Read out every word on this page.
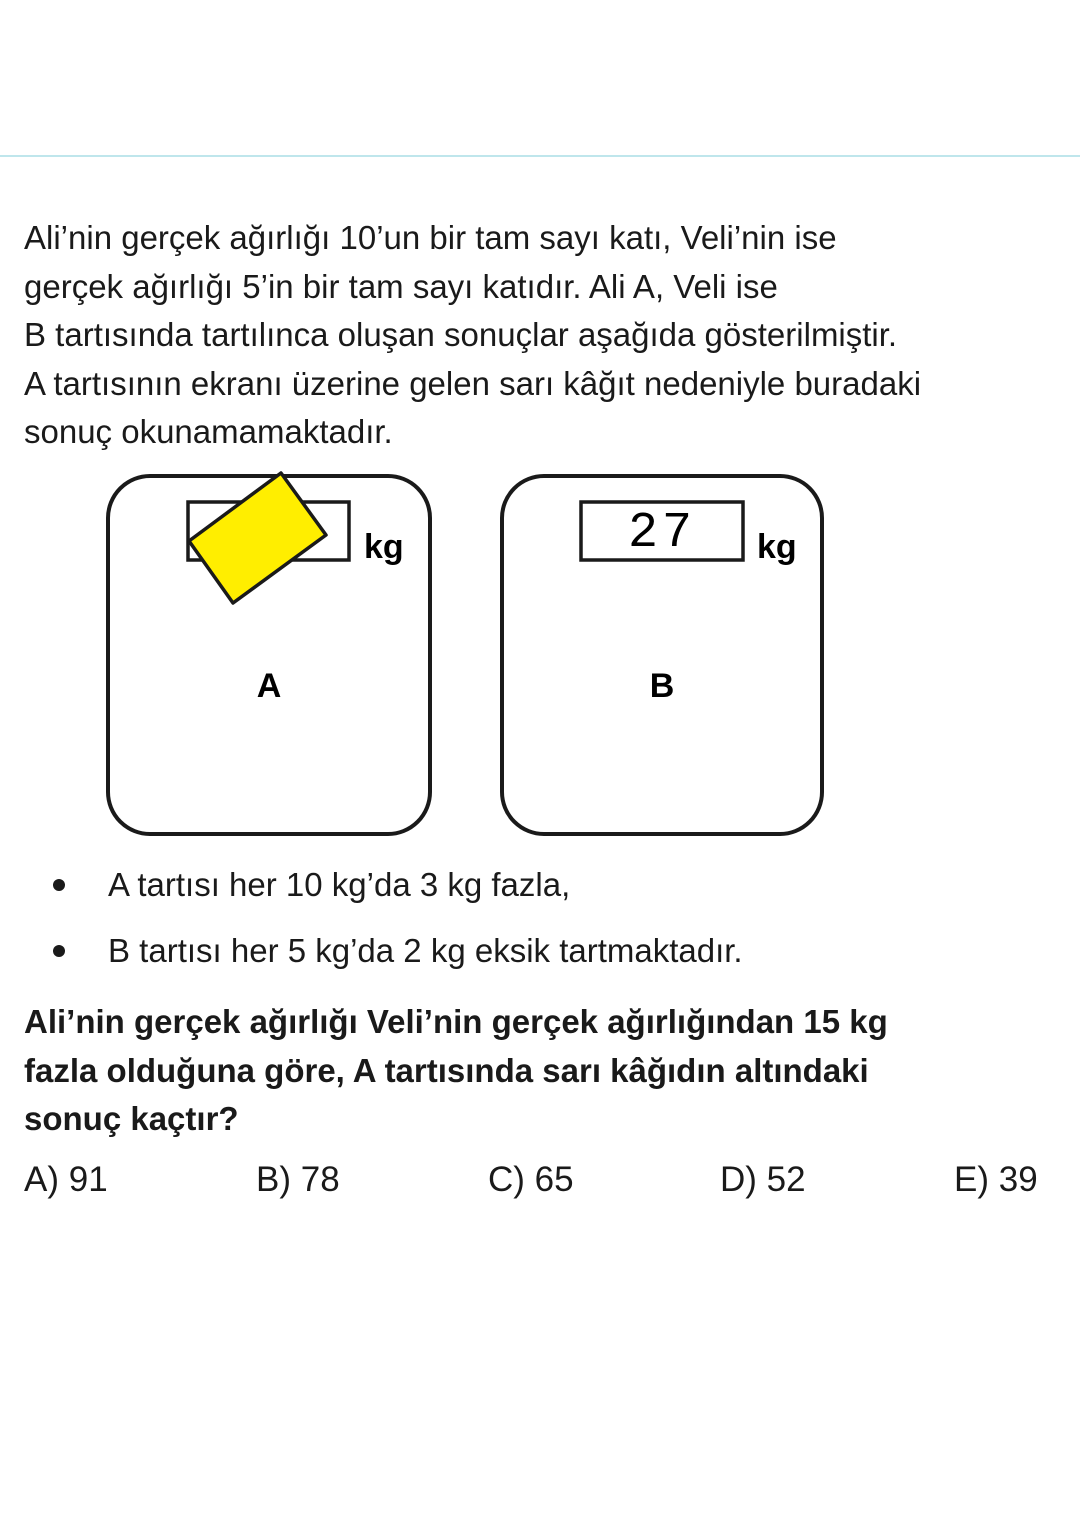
Ali’nin gerçek ağırlığı 10’un bir tam sayı katı, Veli’nin ise
gerçek ağırlığı 5’in bir tam sayı katıdır. Ali A, Veli ise
B tartısında tartılınca oluşan sonuçlar aşağıda gösterilmiştir.
A tartısının ekranı üzerine gelen sarı kâğıt nedeniyle buradaki
sonuç okunamamaktadır.
kg
A
27 kg
B
A tartısı her 10 kg’da 3 kg fazla,
B tartısı her 5 kg’da 2 kg eksik tartmaktadır.
Ali’nin gerçek ağırlığı Veli’nin gerçek ağırlığından 15 kg
fazla olduğuna göre, A tartısında sarı kâğıdın altındaki
sonuç kaçtır?
A) 91	B) 78	C) 65	D) 52	E) 39
